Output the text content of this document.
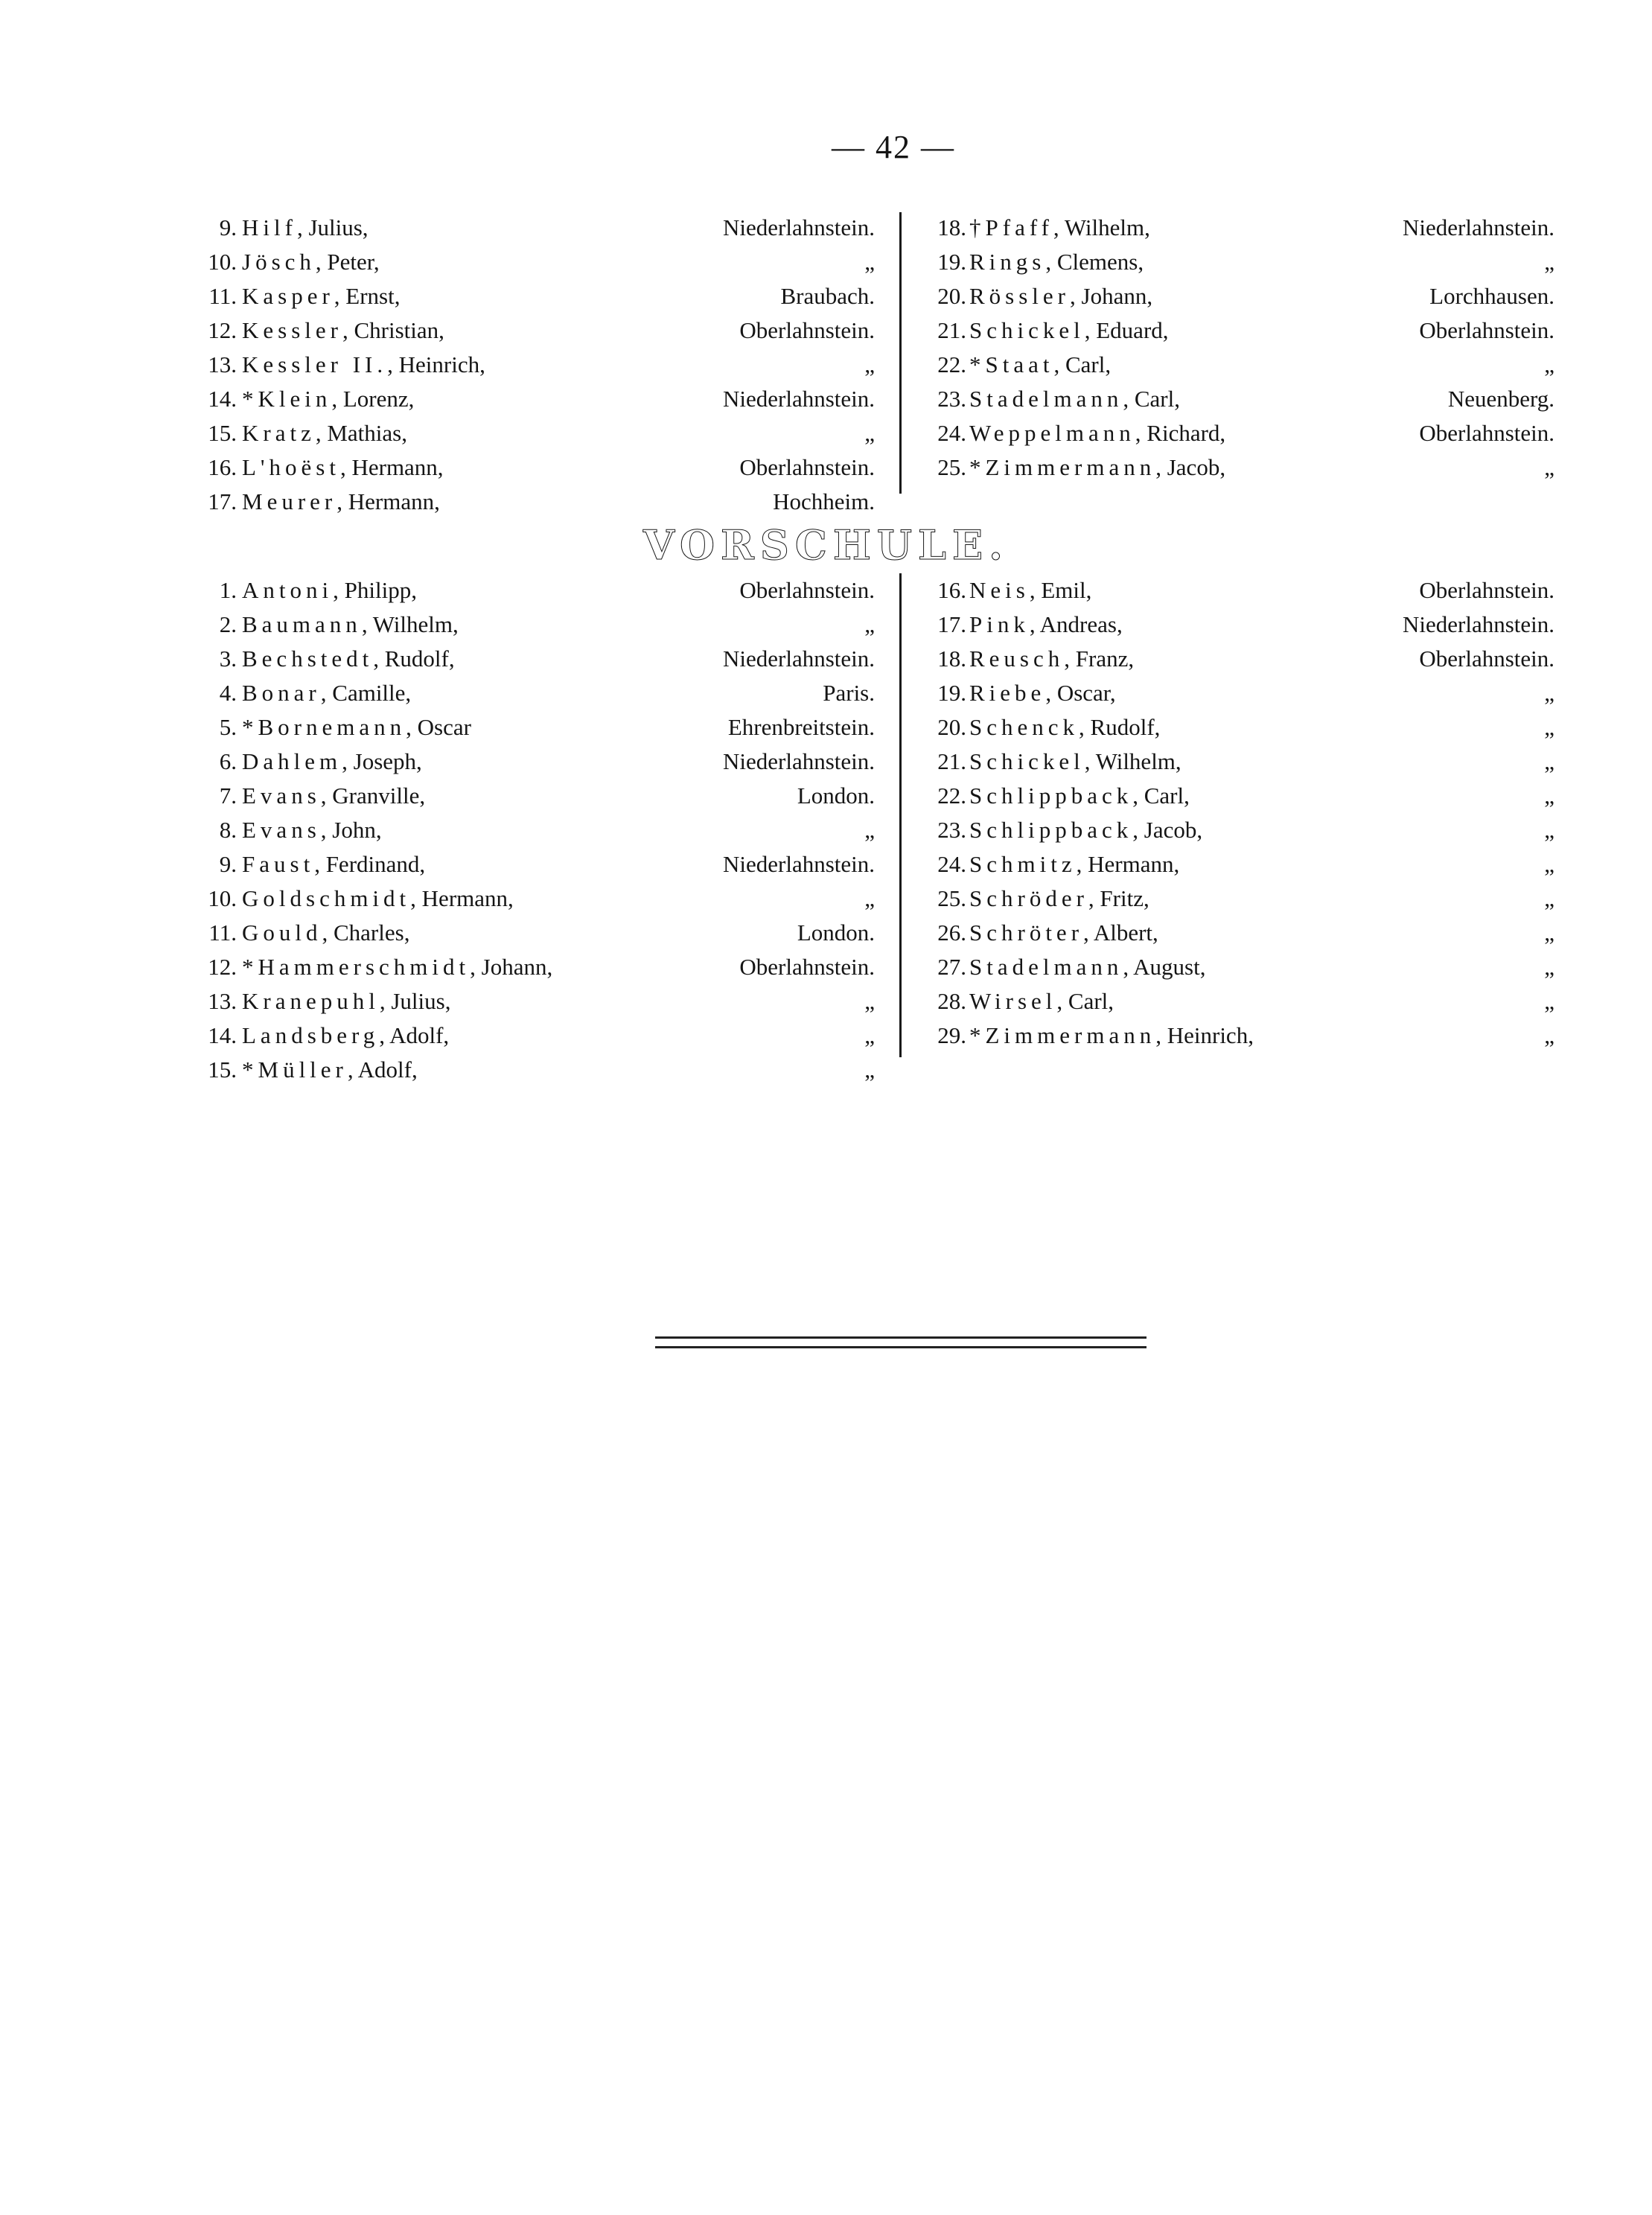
— 42 —
9. Hilf, Julius,	Niederlahnstein.
10. Jösch, Peter,	„
11. Kasper, Ernst,	Braubach.
12. Kessler, Christian,	Oberlahnstein.
13. Kessler II., Heinrich,	„
14. *Klein, Lorenz,	Niederlahnstein.
15. Kratz, Mathias,	„
16. L'hoëst, Hermann,	Oberlahnstein.
17. Meurer, Hermann,	Hochheim.
18. †Pfaff, Wilhelm,	Niederlahnstein.
19. Rings, Clemens,	„
20. Rössler, Johann,	Lorchhausen.
21. Schickel, Eduard,	Oberlahnstein.
22. *Staat, Carl,	„
23. Stadelmann, Carl,	Neuenberg.
24. Weppelmann, Richard,	Oberlahnstein.
25. *Zimmermann, Jacob,	„
VORSCHULE.
1. Antoni, Philipp,	Oberlahnstein.
2. Baumann, Wilhelm,	„
3. Bechstedt, Rudolf,	Niederlahnstein.
4. Bonar, Camille,	Paris.
5. *Bornemann, Oscar	Ehrenbreitstein.
6. Dahlem, Joseph,	Niederlahnstein.
7. Evans, Granville,	London.
8. Evans, John,	„
9. Faust, Ferdinand,	Niederlahnstein.
10. Goldschmidt, Hermann,	„
11. Gould, Charles,	London.
12. *Hammerschmidt, Johann,	Oberlahnstein.
13. Kranepuhl, Julius,	„
14. Landsberg, Adolf,	„
15. *Müller, Adolf,	„
16. Neis, Emil,	Oberlahnstein.
17. Pink, Andreas,	Niederlahnstein.
18. Reusch, Franz,	Oberlahnstein.
19. Riebe, Oscar,	„
20. Schenck, Rudolf,	„
21. Schickel, Wilhelm,	„
22. Schlippback, Carl,	„
23. Schlippback, Jacob,	„
24. Schmitz, Hermann,	„
25. Schröder, Fritz,	„
26. Schröter, Albert,	„
27. Stadelmann, August,	„
28. Wirsel, Carl,	„
29. *Zimmermann, Heinrich,	„
